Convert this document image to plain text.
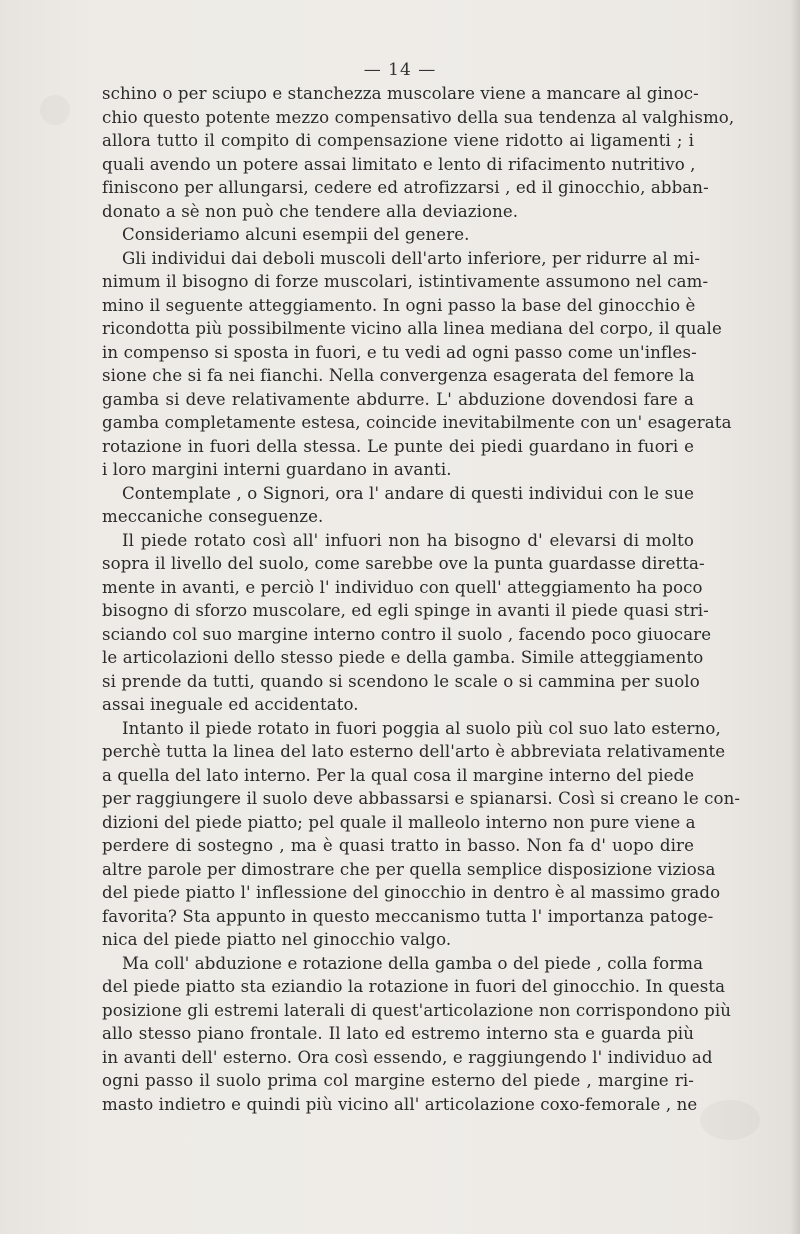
— 14 —
schino o per sciupo e stanchezza muscolare viene a mancare al ginoc-
chio questo potente mezzo compensativo della sua tendenza al valghismo,
allora tutto il compito di compensazione viene ridotto ai ligamenti ; i
quali avendo un potere assai limitato e lento di rifacimento nutritivo ,
finiscono per allungarsi, cedere ed atrofizzarsi , ed il ginocchio, abban-
donato a sè non può che tendere alla deviazione.
Consideriamo alcuni esempii del genere.
Gli individui dai deboli muscoli dell'arto inferiore, per ridurre al mi-
nimum il bisogno di forze muscolari, istintivamente assumono nel cam-
mino il seguente atteggiamento. In ogni passo la base del ginocchio è
ricondotta più possibilmente vicino alla linea mediana del corpo, il quale
in compenso si sposta in fuori, e tu vedi ad ogni passo come un'infles-
sione che si fa nei fianchi. Nella convergenza esagerata del femore la
gamba si deve relativamente abdurre. L' abduzione dovendosi fare a
gamba completamente estesa, coincide inevitabilmente con un' esagerata
rotazione in fuori della stessa. Le punte dei piedi guardano in fuori e
i loro margini interni guardano in avanti.
Contemplate , o Signori, ora l' andare di questi individui con le sue
meccaniche conseguenze.
Il piede rotato così all' infuori non ha bisogno d' elevarsi di molto
sopra il livello del suolo, come sarebbe ove la punta guardasse diretta-
mente in avanti, e perciò l' individuo con quell' atteggiamento ha poco
bisogno di sforzo muscolare, ed egli spinge in avanti il piede quasi stri-
sciando col suo margine interno contro il suolo , facendo poco giuocare
le articolazioni dello stesso piede e della gamba. Simile atteggiamento
si prende da tutti, quando si scendono le scale o si cammina per suolo
assai ineguale ed accidentato.
Intanto il piede rotato in fuori poggia al suolo più col suo lato esterno,
perchè tutta la linea del lato esterno dell'arto è abbreviata relativamente
a quella del lato interno. Per la qual cosa il margine interno del piede
per raggiungere il suolo deve abbassarsi e spianarsi. Così si creano le con-
dizioni del piede piatto; pel quale il malleolo interno non pure viene a
perdere di sostegno , ma è quasi tratto in basso. Non fa d' uopo dire
altre parole per dimostrare che per quella semplice disposizione viziosa
del piede piatto l' inflessione del ginocchio in dentro è al massimo grado
favorita? Sta appunto in questo meccanismo tutta l' importanza patoge-
nica del piede piatto nel ginocchio valgo.
Ma coll' abduzione e rotazione della gamba o del piede , colla forma
del piede piatto sta eziandio la rotazione in fuori del ginocchio. In questa
posizione gli estremi laterali di quest'articolazione non corrispondono più
allo stesso piano frontale. Il lato ed estremo interno sta e guarda più
in avanti dell' esterno. Ora così essendo, e raggiungendo l' individuo ad
ogni passo il suolo prima col margine esterno del piede , margine ri-
masto indietro e quindi più vicino all' articolazione coxo-femorale , ne
